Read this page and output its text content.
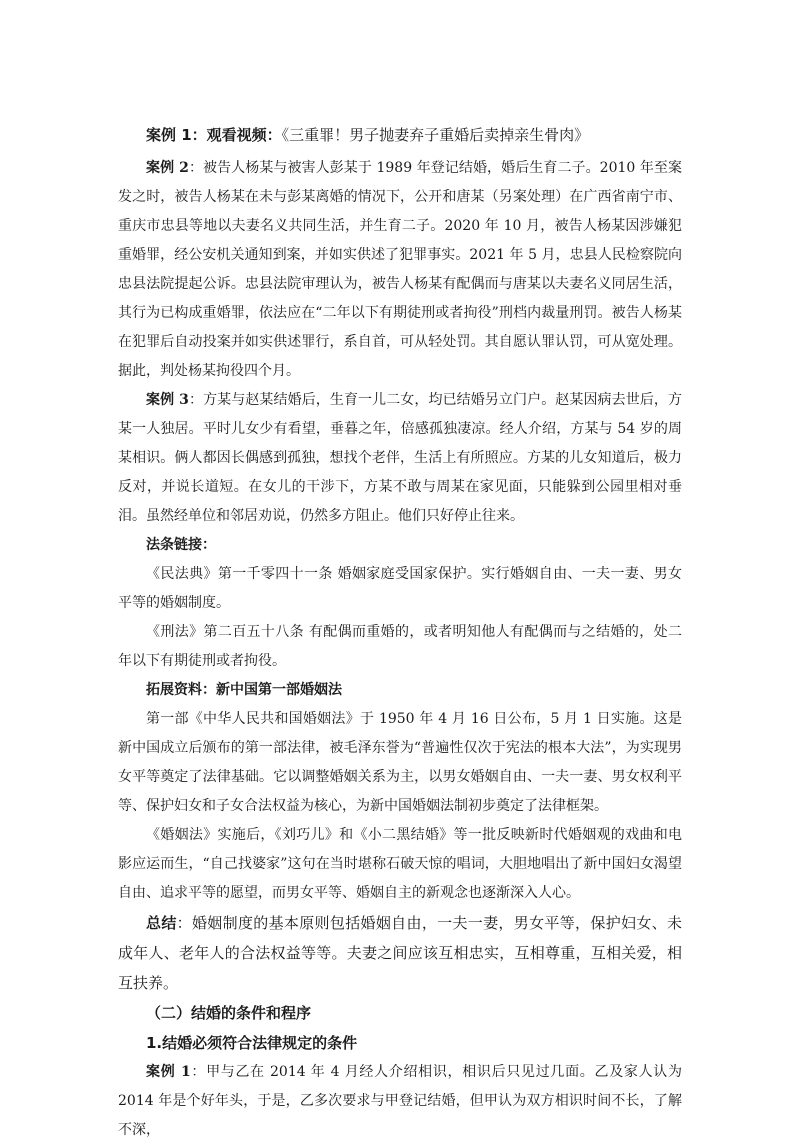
案例 1：观看视频：《三重罪！男子抛妻弃子重婚后卖掉亲生骨肉》

案例 2：被告人杨某与被害人彭某于 1989 年登记结婚，婚后生育二子。2010 年至案发之时，被告人杨某在未与彭某离婚的情况下，公开和唐某（另案处理）在广西省南宁市、重庆市忠县等地以夫妻名义共同生活，并生育二子。2020 年 10 月，被告人杨某因涉嫌犯重婚罪，经公安机关通知到案，并如实供述了犯罪事实。2021 年 5 月，忠县人民检察院向忠县法院提起公诉。忠县法院审理认为，被告人杨某有配偶而与唐某以夫妻名义同居生活，其行为已构成重婚罪，依法应在“二年以下有期徒刑或者拘役”刑档内裁量刑罚。被告人杨某在犯罪后自动投案并如实供述罪行，系自首，可从轻处罚。其自愿认罪认罚，可从宽处理。据此，判处杨某拘役四个月。

案例 3：方某与赵某结婚后，生育一儿二女，均已结婚另立门户。赵某因病去世后，方某一人独居。平时儿女少有看望，垂暮之年，倍感孤独凄凉。经人介绍，方某与 54 岁的周某相识。俩人都因长偶感到孤独，想找个老伴，生活上有所照应。方某的儿女知道后，极力反对，并说长道短。在女儿的干涉下，方某不敢与周某在家见面，只能躲到公园里相对垂泪。虽然经单位和邻居劝说，仍然多方阻止。他们只好停止往来。

法条链接：

《民法典》第一千零四十一条 婚姻家庭受国家保护。实行婚姻自由、一夫一妻、男女平等的婚姻制度。

《刑法》第二百五十八条 有配偶而重婚的，或者明知他人有配偶而与之结婚的，处二年以下有期徒刑或者拘役。

拓展资料：新中国第一部婚姻法

第一部《中华人民共和国婚姻法》于 1950 年 4 月 16 日公布，5 月 1 日实施。这是新中国成立后颁布的第一部法律，被毛泽东誉为“普遍性仅次于宪法的根本大法”，为实现男女平等奠定了法律基础。它以调整婚姻关系为主，以男女婚姻自由、一夫一妻、男女权利平等、保护妇女和子女合法权益为核心，为新中国婚姻法制初步奠定了法律框架。

《婚姻法》实施后，《刘巧儿》和《小二黑结婚》等一批反映新时代婚姻观的戏曲和电影应运而生，“自己找婆家”这句在当时堪称石破天惊的唱词，大胆地唱出了新中国妇女渴望自由、追求平等的愿望，而男女平等、婚姻自主的新观念也逐渐深入人心。

总结：婚姻制度的基本原则包括婚姻自由，一夫一妻，男女平等，保护妇女、未成年人、老年人的合法权益等等。夫妻之间应该互相忠实，互相尊重，互相关爱，相互扶养。

（二）结婚的条件和程序
1.结婚必须符合法律规定的条件

案例 1：甲与乙在 2014 年 4 月经人介绍相识，相识后只见过几面。乙及家人认为 2014 年是个好年头，于是，乙多次要求与甲登记结婚，但甲认为双方相识时间不长，了解不深，
